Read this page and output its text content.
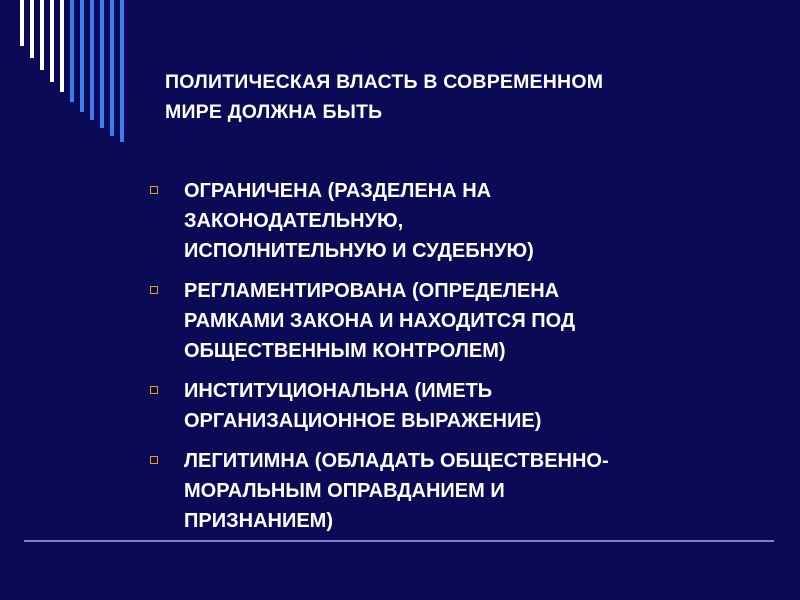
ПОЛИТИЧЕСКАЯ ВЛАСТЬ В СОВРЕМЕННОМ
МИРЕ ДОЛЖНА БЫТЬ
ОГРАНИЧЕНА (РАЗДЕЛЕНА НА
ЗАКОНОДАТЕЛЬНУЮ,
ИСПОЛНИТЕЛЬНУЮ И СУДЕБНУЮ)
РЕГЛАМЕНТИРОВАНА (ОПРЕДЕЛЕНА
РАМКАМИ ЗАКОНА И НАХОДИТСЯ ПОД
ОБЩЕСТВЕННЫМ КОНТРОЛЕМ)
ИНСТИТУЦИОНАЛЬНА (ИМЕТЬ
ОРГАНИЗАЦИОННОЕ ВЫРАЖЕНИЕ)
ЛЕГИТИМНА (ОБЛАДАТЬ ОБЩЕСТВЕННО-
МОРАЛЬНЫМ ОПРАВДАНИЕМ И
ПРИЗНАНИЕМ)
